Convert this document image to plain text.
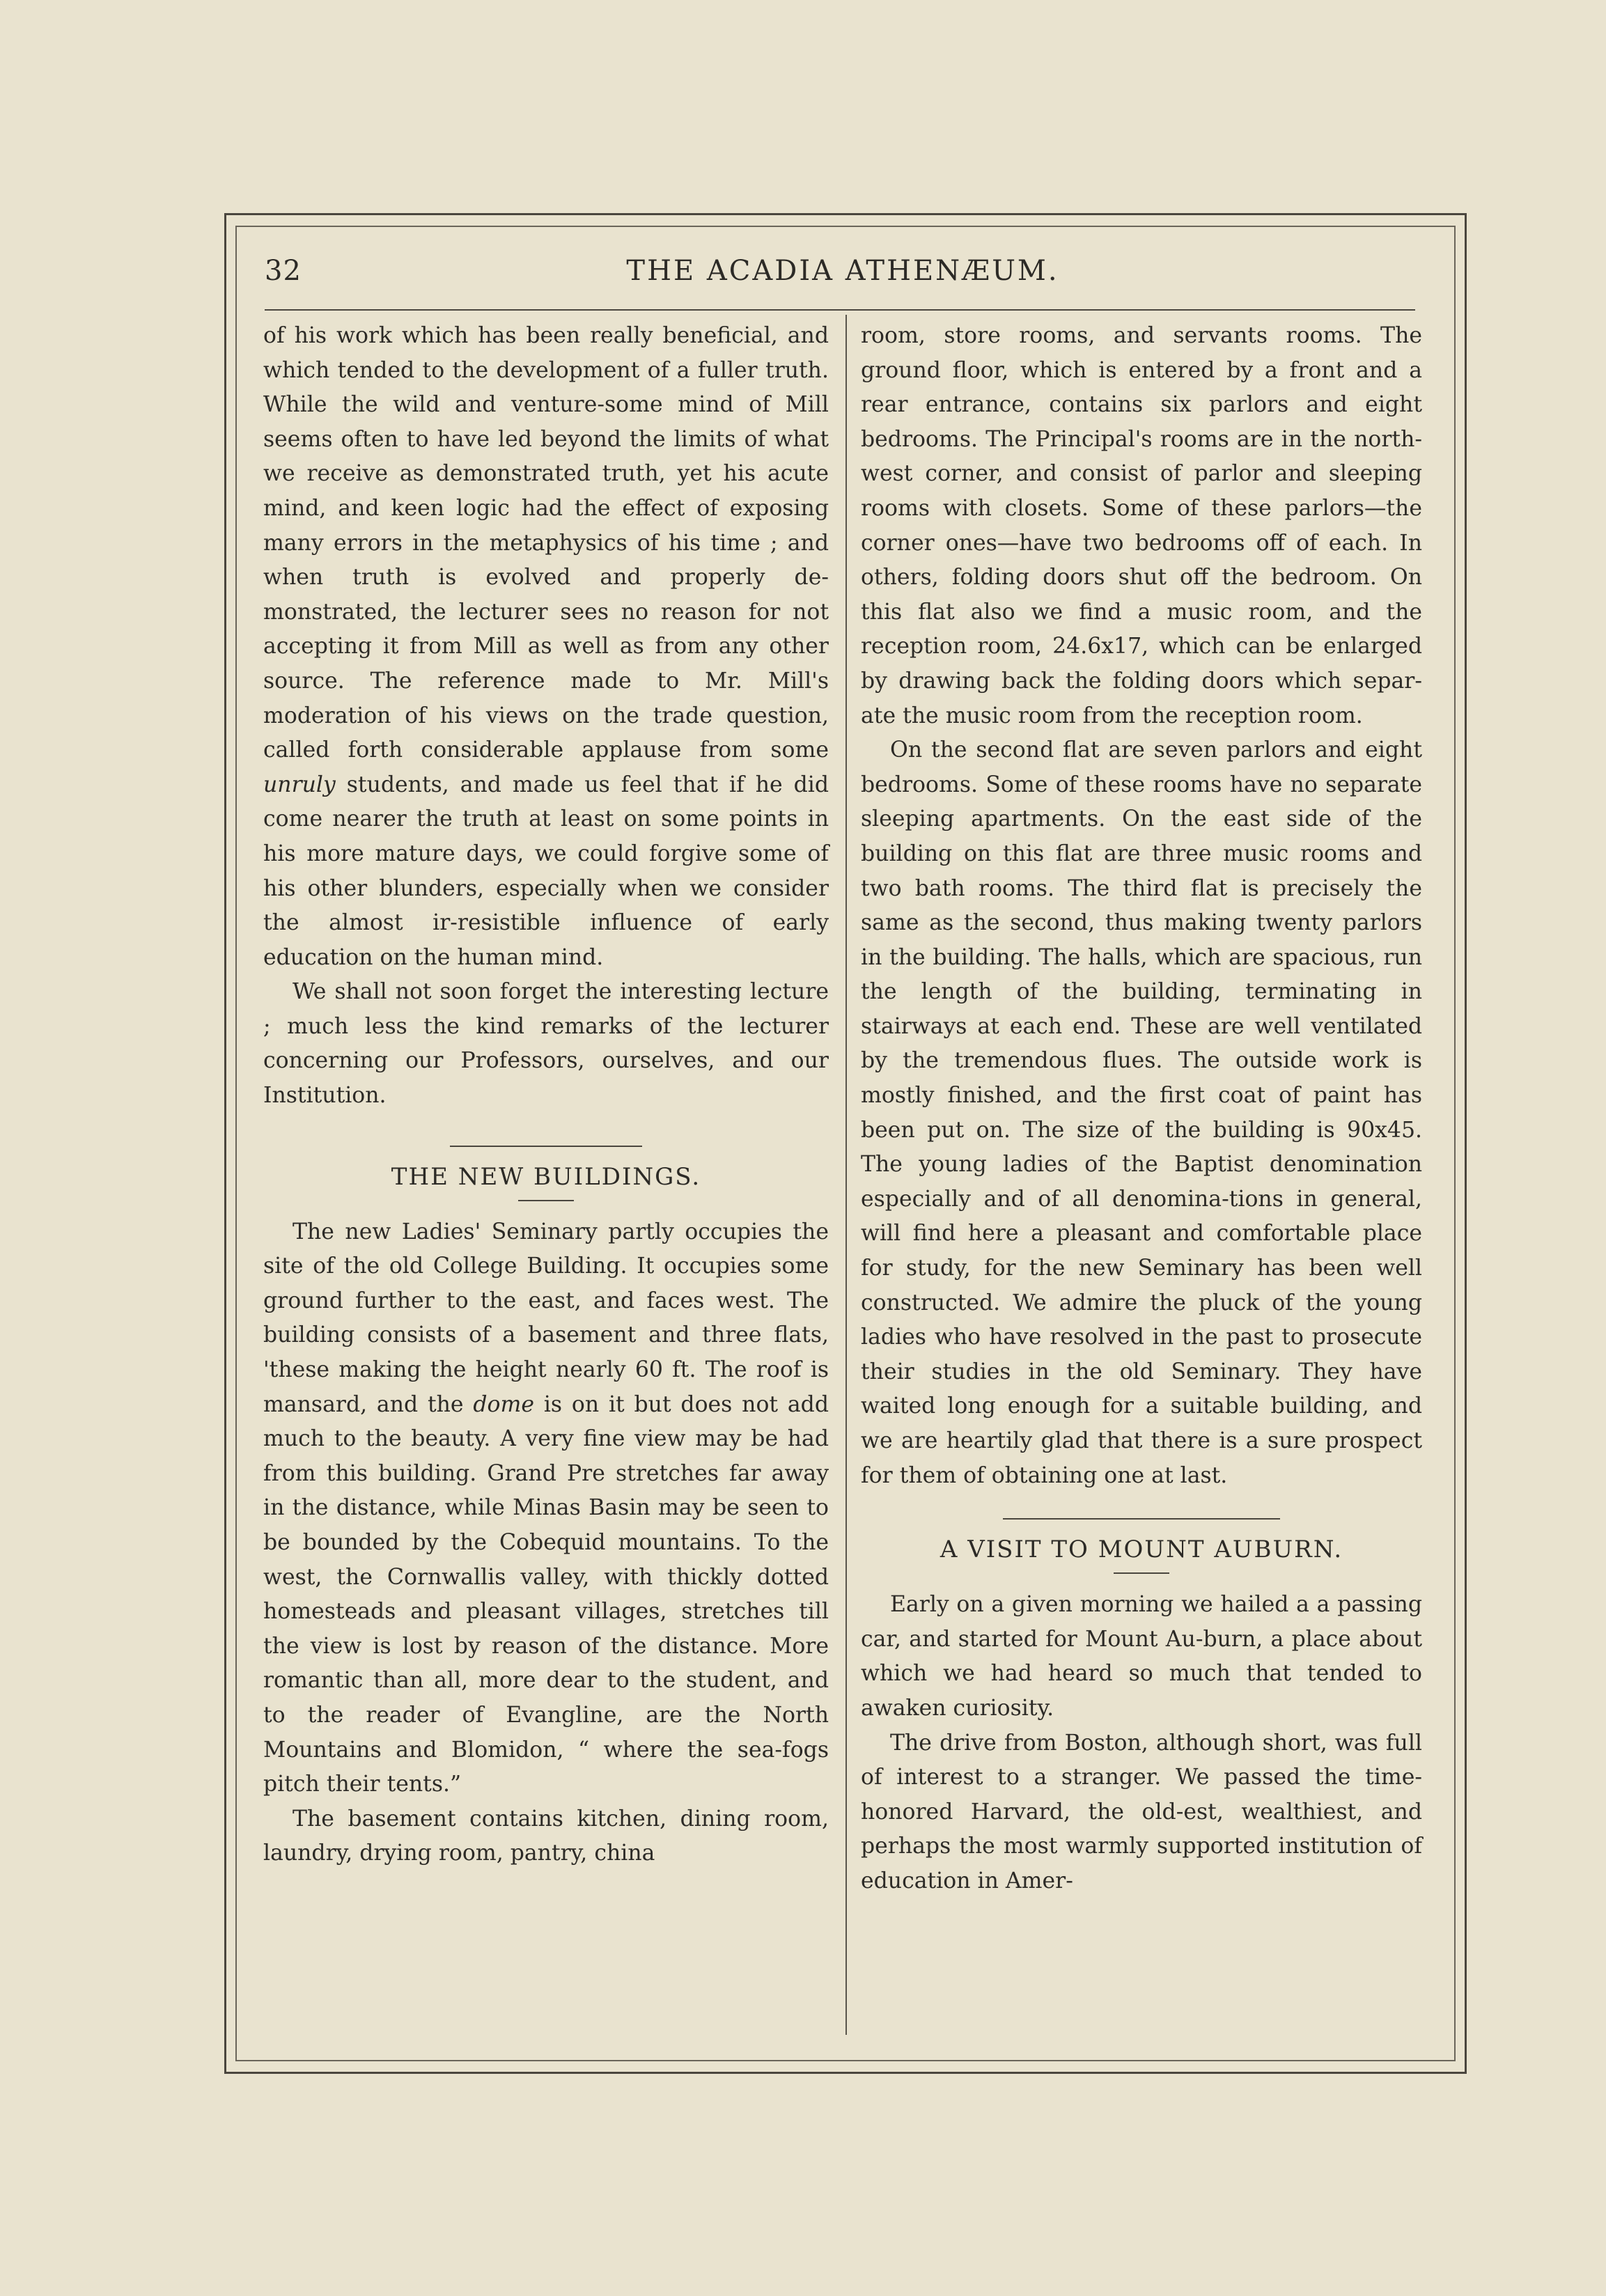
32	THE ACADIA ATHENÆUM.

of his work which has been really beneficial, and which tended to the development of a fuller truth. While the wild and venture-some mind of Mill seems often to have led beyond the limits of what we receive as demonstrated truth, yet his acute mind, and keen logic had the effect of exposing many errors in the metaphysics of his time ; and when truth is evolved and properly de-monstrated, the lecturer sees no reason for not accepting it from Mill as well as from any other source. The reference made to Mr. Mill's moderation of his views on the trade question, called forth considerable applause from some unruly students, and made us feel that if he did come nearer the truth at least on some points in his more mature days, we could forgive some of his other blunders, especially when we consider the almost ir-resistible influence of early education on the human mind.

We shall not soon forget the interesting lecture ; much less the kind remarks of the lecturer concerning our Professors, ourselves, and our Institution.

THE NEW BUILDINGS.

The new Ladies' Seminary partly occupies the site of the old College Building. It occupies some ground further to the east, and faces west. The building consists of a basement and three flats, 'these making the height nearly 60 ft. The roof is mansard, and the dome is on it but does not add much to the beauty. A very fine view may be had from this building. Grand Pre stretches far away in the distance, while Minas Basin may be seen to be bounded by the Cobequid mountains. To the west, the Cornwallis valley, with thickly dotted homesteads and pleasant villages, stretches till the view is lost by reason of the distance. More romantic than all, more dear to the student, and to the reader of Evangline, are the North Mountains and Blomidon, “ where the sea-fogs pitch their tents.”

The basement contains kitchen, dining room, laundry, drying room, pantry, china

room, store rooms, and servants rooms. The ground floor, which is entered by a front and a rear entrance, contains six parlors and eight bedrooms. The Principal's rooms are in the north-west corner, and consist of parlor and sleeping rooms with closets. Some of these parlors—the corner ones—have two bedrooms off of each. In others, folding doors shut off the bedroom. On this flat also we find a music room, and the reception room, 24.6x17, which can be enlarged by drawing back the folding doors which separ-ate the music room from the reception room.

On the second flat are seven parlors and eight bedrooms. Some of these rooms have no separate sleeping apartments. On the east side of the building on this flat are three music rooms and two bath rooms. The third flat is precisely the same as the second, thus making twenty parlors in the building. The halls, which are spacious, run the length of the building, terminating in stairways at each end. These are well ventilated by the tremendous flues. The outside work is mostly finished, and the first coat of paint has been put on. The size of the building is 90x45. The young ladies of the Baptist denomination especially and of all denomina-tions in general, will find here a pleasant and comfortable place for study, for the new Seminary has been well constructed. We admire the pluck of the young ladies who have resolved in the past to prosecute their studies in the old Seminary. They have waited long enough for a suitable building, and we are heartily glad that there is a sure prospect for them of obtaining one at last.

A VISIT TO MOUNT AUBURN.

Early on a given morning we hailed a a passing car, and started for Mount Au-burn, a place about which we had heard so much that tended to awaken curiosity.

The drive from Boston, although short, was full of interest to a stranger. We passed the time-honored Harvard, the old-est, wealthiest, and perhaps the most warmly supported institution of education in Amer-
